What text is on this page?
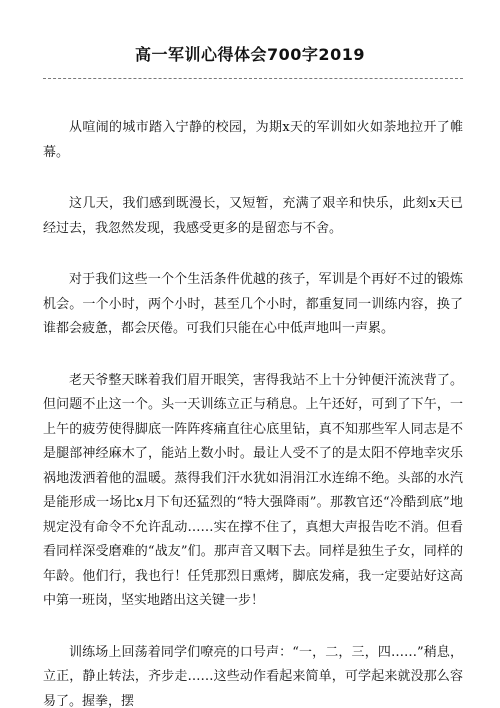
高一军训心得体会700字2019

从喧闹的城市踏入宁静的校园，为期x天的军训如火如荼地拉开了帷幕。

这几天，我们感到既漫长，又短暂，充满了艰辛和快乐，此刻x天已经过去，我忽然发现，我感受更多的是留恋与不舍。

对于我们这些一个个生活条件优越的孩子，军训是个再好不过的锻炼机会。一个小时，两个小时，甚至几个小时，都重复同一训练内容，换了谁都会疲惫，都会厌倦。可我们只能在心中低声地叫一声累。

老天爷整天眯着我们眉开眼笑，害得我站不上十分钟便汗流浃背了。但问题不止这一个。头一天训练立正与稍息。上午还好，可到了下午，一上午的疲劳使得脚底一阵阵疼痛直往心底里钻，真不知那些军人同志是不是腿部神经麻木了，能站上数小时。最让人受不了的是太阳不停地幸灾乐祸地泼洒着他的温暖。蒸得我们汗水犹如涓涓江水连绵不绝。头部的水汽是能形成一场比x月下旬还猛烈的“特大强降雨”。那教官还“冷酷到底”地规定没有命令不允许乱动……实在撑不住了，真想大声报告吃不消。但看看同样深受磨难的“战友”们。那声音又咽下去。同样是独生子女，同样的年龄。他们行，我也行！任凭那烈日熏烤，脚底发痛，我一定要站好这高中第一班岗，坚实地踏出这关键一步！

训练场上回荡着同学们嘹亮的口号声：“一，二，三，四……”稍息，立正，静止转法，齐步走……这些动作看起来简单，可学起来就没那么容易了。握拳，摆
